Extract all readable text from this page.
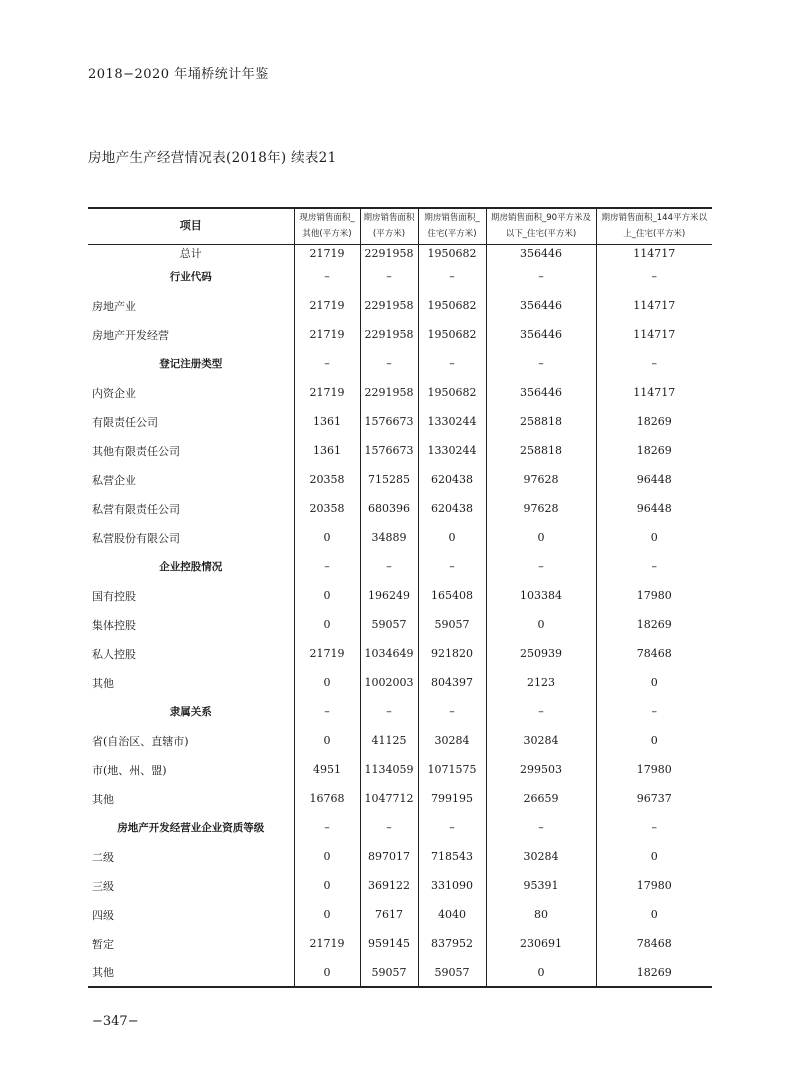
2018−2020 年埇桥统计年鉴
房地产生产经营情况表(2018年) 续表21
项目	现房销售面积_其他(平方米)	期房销售面积(平方米)	期房销售面积_住宅(平方米)	期房销售面积_90平方米及以下_住宅(平方米)	期房销售面积_144平方米以上_住宅(平方米)
总计	21719	2291958	1950682	356446	114717
行业代码	–	–	–	–	–
房地产业	21719	2291958	1950682	356446	114717
房地产开发经营	21719	2291958	1950682	356446	114717
登记注册类型	–	–	–	–	–
内资企业	21719	2291958	1950682	356446	114717
有限责任公司	1361	1576673	1330244	258818	18269
其他有限责任公司	1361	1576673	1330244	258818	18269
私营企业	20358	715285	620438	97628	96448
私营有限责任公司	20358	680396	620438	97628	96448
私营股份有限公司	0	34889	0	0	0
企业控股情况	–	–	–	–	–
国有控股	0	196249	165408	103384	17980
集体控股	0	59057	59057	0	18269
私人控股	21719	1034649	921820	250939	78468
其他	0	1002003	804397	2123	0
隶属关系	–	–	–	–	–
省(自治区、直辖市)	0	41125	30284	30284	0
市(地、州、盟)	4951	1134059	1071575	299503	17980
其他	16768	1047712	799195	26659	96737
房地产开发经营业企业资质等级	–	–	–	–	–
二级	0	897017	718543	30284	0
三级	0	369122	331090	95391	17980
四级	0	7617	4040	80	0
暂定	21719	959145	837952	230691	78468
其他	0	59057	59057	0	18269
−347−
